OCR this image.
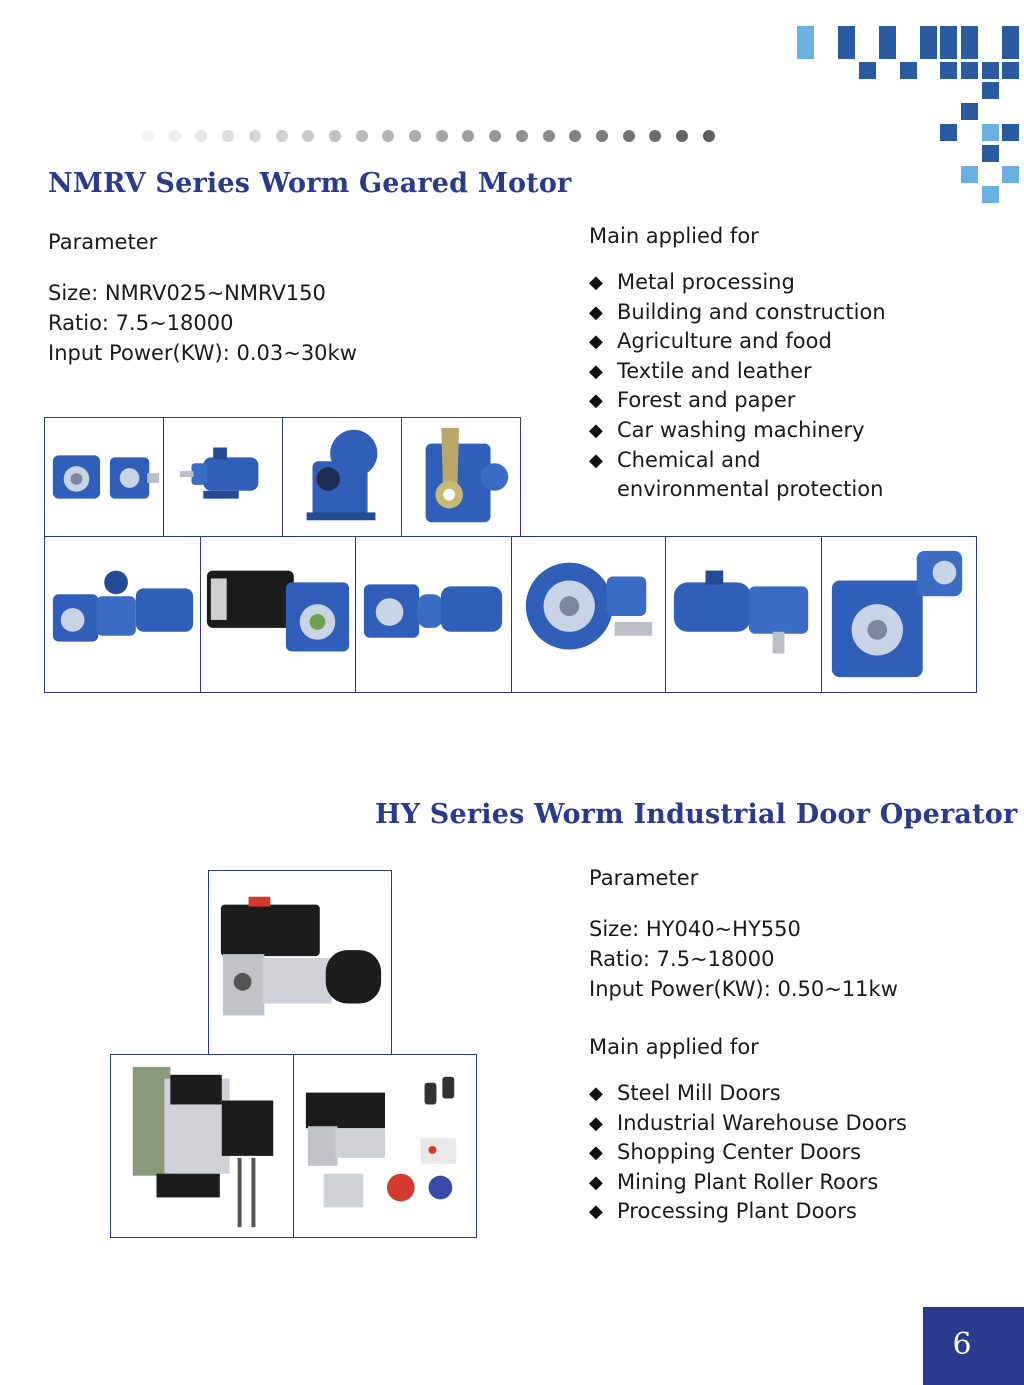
NMRV Series Worm Geared Motor
Parameter
Size: NMRV025~NMRV150
Ratio: 7.5~18000
Input Power(KW): 0.03~30kw
Main applied for
◆ Metal processing
◆ Building and construction
◆ Agriculture and food
◆ Textile and leather
◆ Forest and paper
◆ Car washing machinery
◆ Chemical and environmental protection
HY Series Worm Industrial Door Operator
Parameter
Size: HY040~HY550
Ratio: 7.5~18000
Input Power(KW): 0.50~11kw
Main applied for
◆ Steel Mill Doors
◆ Industrial Warehouse Doors
◆ Shopping Center Doors
◆ Mining Plant Roller Roors
◆ Processing Plant Doors
6
